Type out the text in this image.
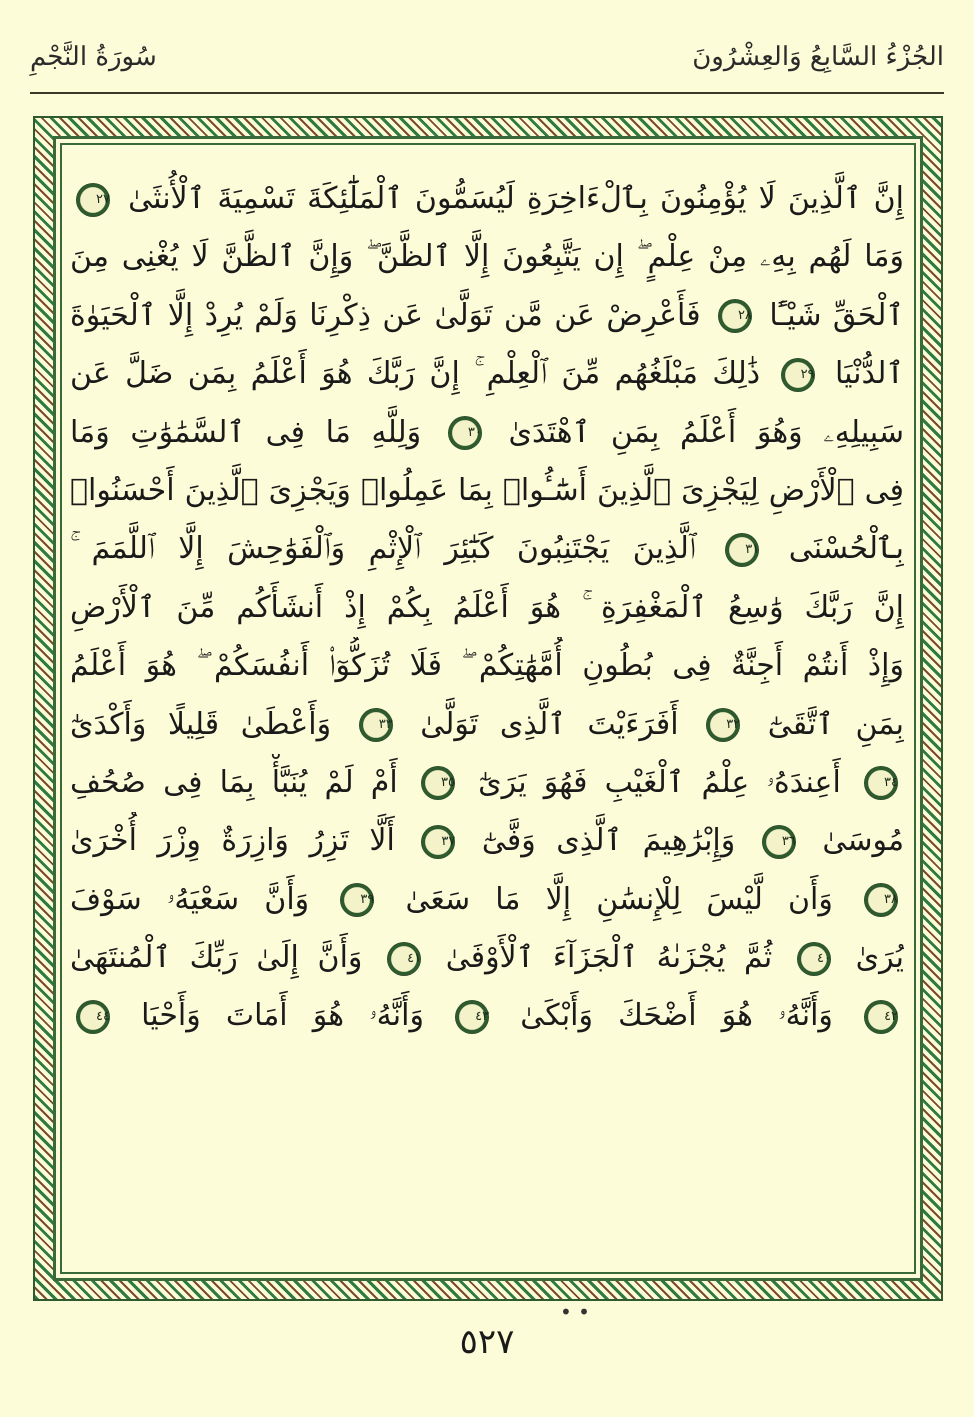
سُورَةُ النَّجْمِ	الجُزْءُ السَّابِعُ وَالعِشْرُونَ
إِنَّ ٱلَّذِينَ لَا يُؤْمِنُونَ بِٱلْءَاخِرَةِ لَيُسَمُّونَ ٱلْمَلَٰٓئِكَةَ تَسْمِيَةَ ٱلْأُنثَىٰ ٢٧
وَمَا لَهُم بِهِۦ مِنْ عِلْمٍ ۖ إِن يَتَّبِعُونَ إِلَّا ٱلظَّنَّ ۖ وَإِنَّ ٱلظَّنَّ لَا يُغْنِى مِنَ
ٱلْحَقِّ شَيْـًٔا ٢٨ فَأَعْرِضْ عَن مَّن تَوَلَّىٰ عَن ذِكْرِنَا وَلَمْ يُرِدْ إِلَّا ٱلْحَيَوٰةَ
ٱلدُّنْيَا ٢٩ ذَٰلِكَ مَبْلَغُهُم مِّنَ ٱلْعِلْمِ ۚ إِنَّ رَبَّكَ هُوَ أَعْلَمُ بِمَن ضَلَّ عَن
سَبِيلِهِۦ وَهُوَ أَعْلَمُ بِمَنِ ٱهْتَدَىٰ ٣٠ وَلِلَّهِ مَا فِى ٱلسَّمَٰوَٰتِ وَمَا
فِى ٱلْأَرْضِ لِيَجْزِىَ ٱلَّذِينَ أَسَٰٓـُٔوا۟ بِمَا عَمِلُوا۟ وَيَجْزِىَ ٱلَّذِينَ أَحْسَنُوا۟
بِٱلْحُسْنَى ٣١ ٱلَّذِينَ يَجْتَنِبُونَ كَبَٰٓئِرَ ٱلْإِثْمِ وَٱلْفَوَٰحِشَ إِلَّا ٱللَّمَمَ ۚ
إِنَّ رَبَّكَ وَٰسِعُ ٱلْمَغْفِرَةِ ۚ هُوَ أَعْلَمُ بِكُمْ إِذْ أَنشَأَكُم مِّنَ ٱلْأَرْضِ
وَإِذْ أَنتُمْ أَجِنَّةٌ فِى بُطُونِ أُمَّهَٰتِكُمْ ۖ فَلَا تُزَكُّوٓا۟ أَنفُسَكُمْ ۖ هُوَ أَعْلَمُ
بِمَنِ ٱتَّقَىٰٓ ٣٢ أَفَرَءَيْتَ ٱلَّذِى تَوَلَّىٰ ٣٣ وَأَعْطَىٰ قَلِيلًا وَأَكْدَىٰٓ
٣٤ أَعِندَهُۥ عِلْمُ ٱلْغَيْبِ فَهُوَ يَرَىٰٓ ٣٥ أَمْ لَمْ يُنَبَّأْ بِمَا فِى صُحُفِ
مُوسَىٰ ٣٦ وَإِبْرَٰهِيمَ ٱلَّذِى وَفَّىٰٓ ٣٧ أَلَّا تَزِرُ وَازِرَةٌ وِزْرَ أُخْرَىٰ
٣٨ وَأَن لَّيْسَ لِلْإِنسَٰنِ إِلَّا مَا سَعَىٰ ٣٩ وَأَنَّ سَعْيَهُۥ سَوْفَ
يُرَىٰ ٤٠ ثُمَّ يُجْزَىٰهُ ٱلْجَزَآءَ ٱلْأَوْفَىٰ ٤١ وَأَنَّ إِلَىٰ رَبِّكَ ٱلْمُنتَهَىٰ
٤٢ وَأَنَّهُۥ هُوَ أَضْحَكَ وَأَبْكَىٰ ٤٣ وَأَنَّهُۥ هُوَ أَمَاتَ وَأَحْيَا ٤٤
• •
٥٢٧
